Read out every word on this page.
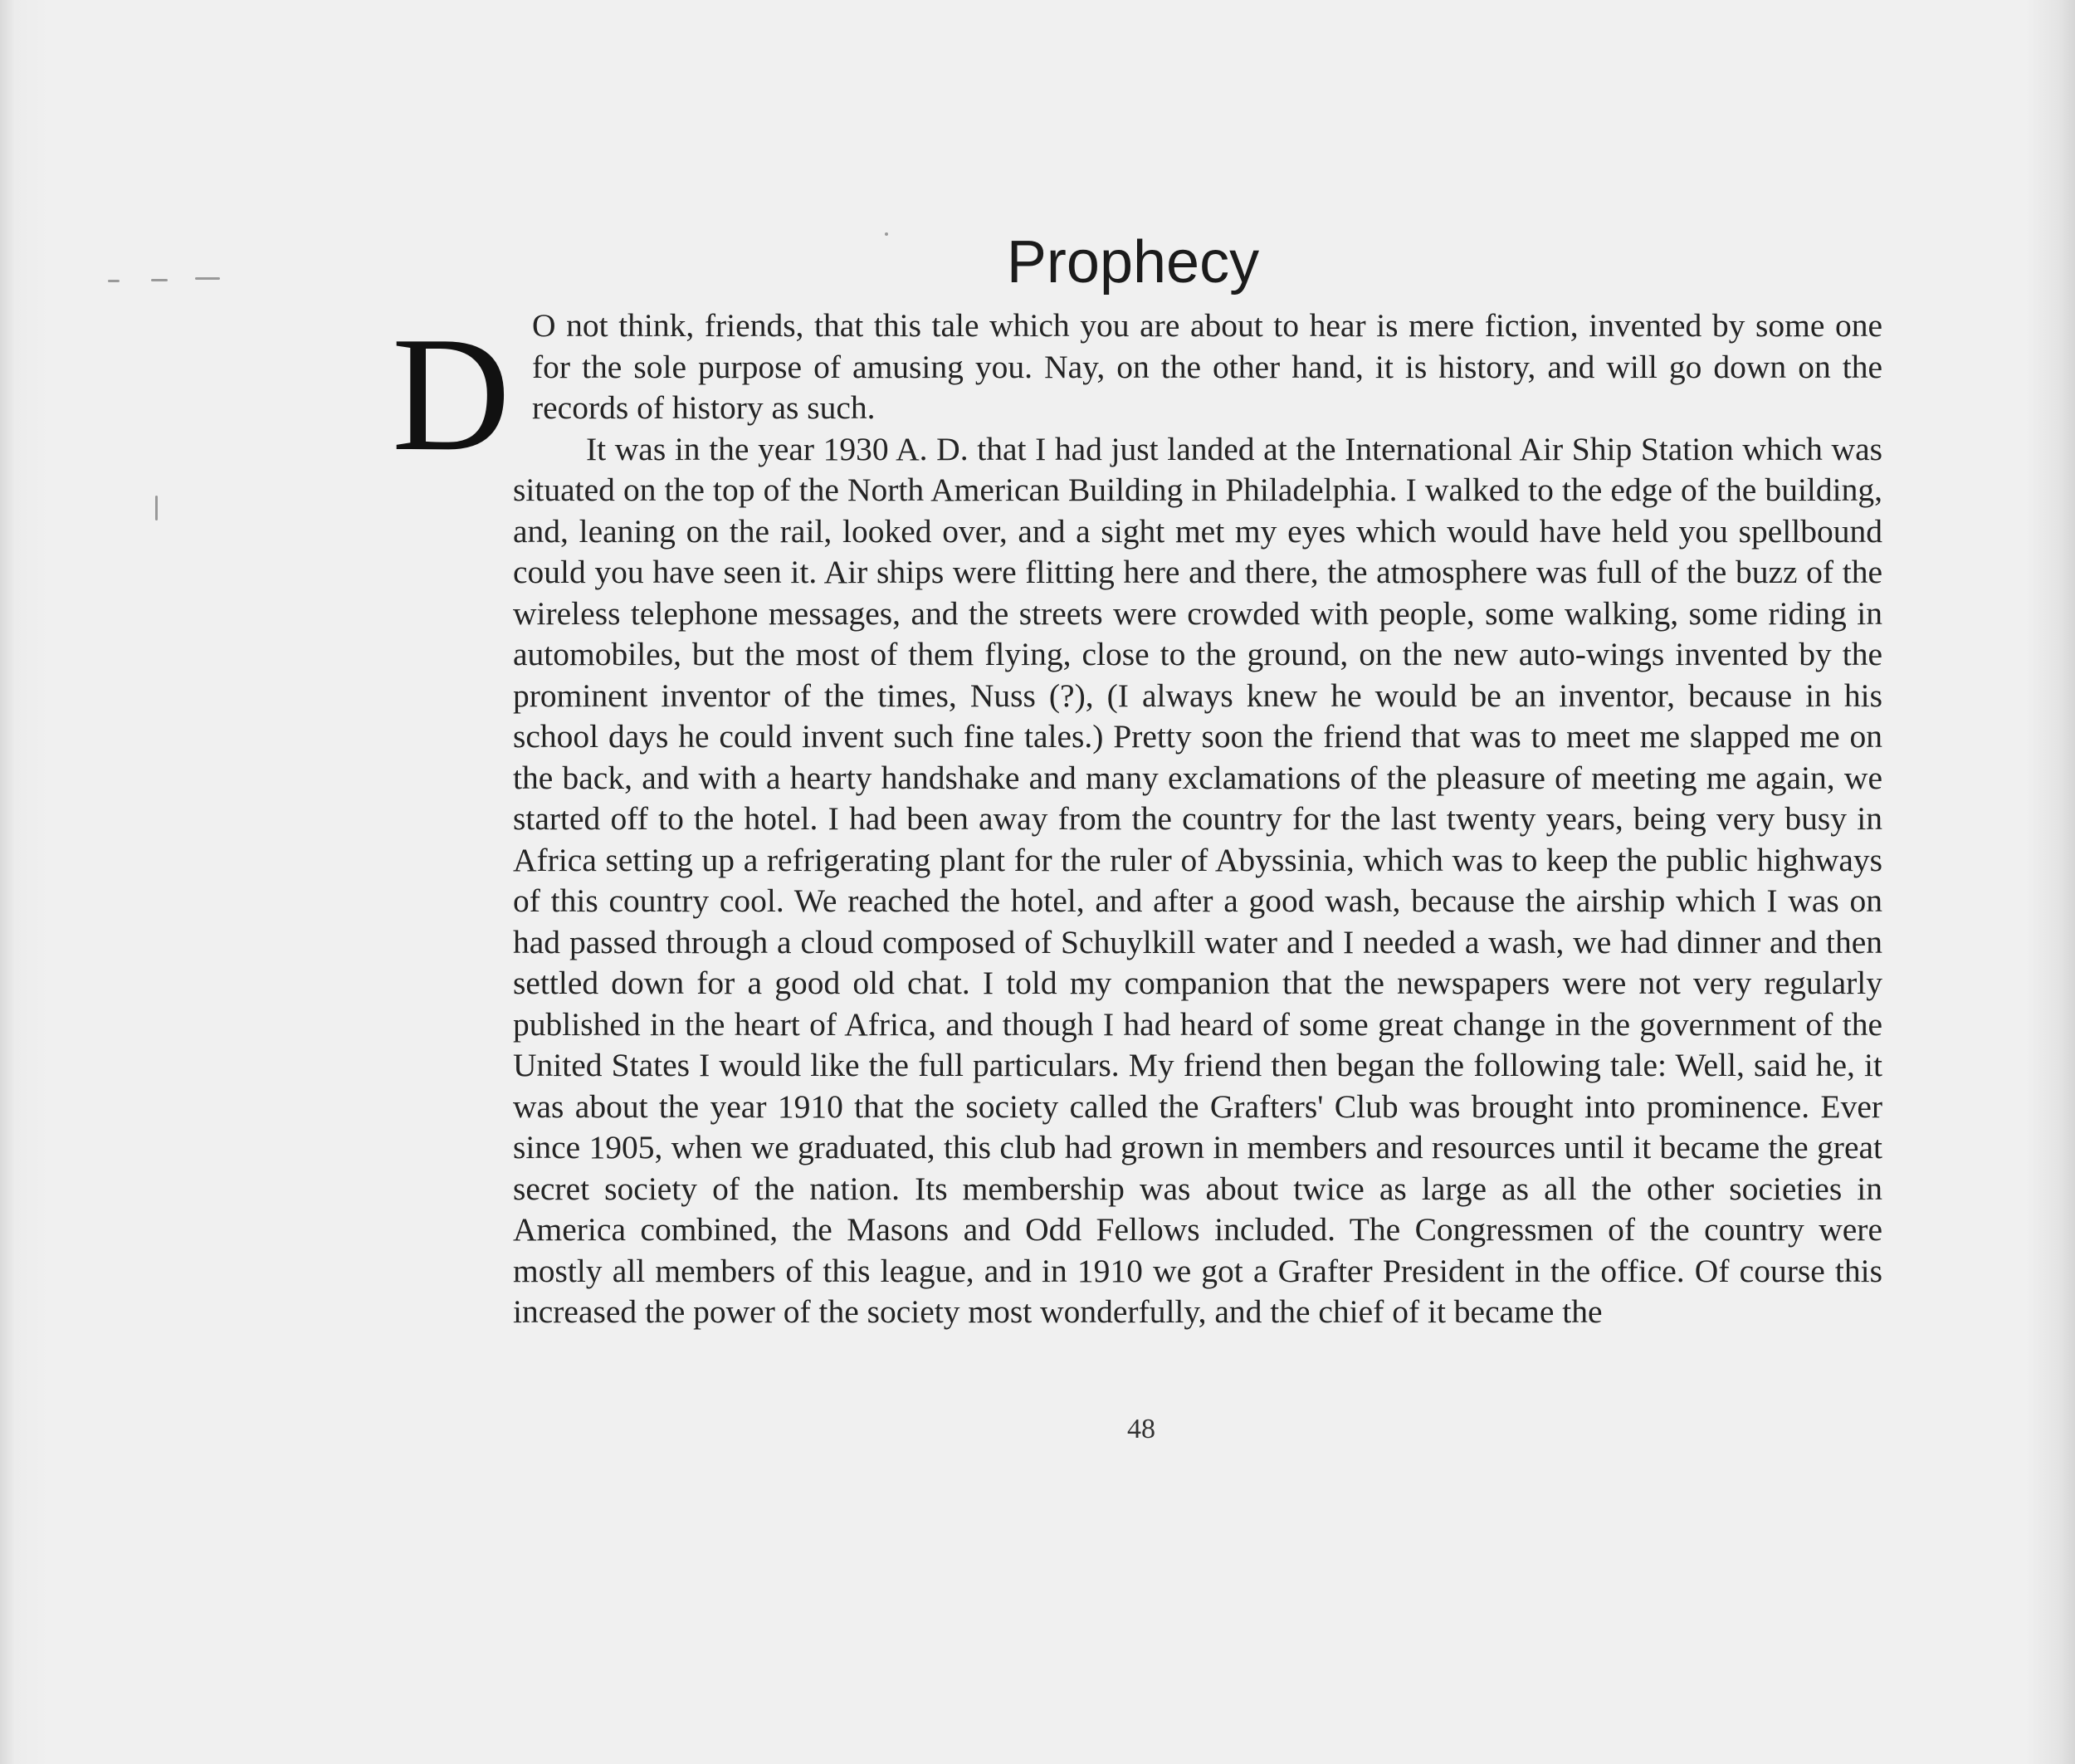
Prophecy

D O not think, friends, that this tale which you are about to hear is mere fiction, invented by some one for the sole purpose of amusing you. Nay, on the other hand, it is history, and will go down on the records of history as such.

It was in the year 1930 A. D. that I had just landed at the International Air Ship Station which was situated on the top of the North American Building in Philadelphia. I walked to the edge of the building, and, leaning on the rail, looked over, and a sight met my eyes which would have held you spellbound could you have seen it. Air ships were flitting here and there, the atmosphere was full of the buzz of the wireless telephone messages, and the streets were crowded with people, some walking, some riding in automobiles, but the most of them flying, close to the ground, on the new auto-wings invented by the prominent inventor of the times, Nuss (?), (I always knew he would be an inventor, because in his school days he could invent such fine tales.) Pretty soon the friend that was to meet me slapped me on the back, and with a hearty handshake and many exclamations of the pleasure of meeting me again, we started off to the hotel. I had been away from the country for the last twenty years, being very busy in Africa setting up a refrigerating plant for the ruler of Abyssinia, which was to keep the public highways of this country cool. We reached the hotel, and after a good wash, because the airship which I was on had passed through a cloud composed of Schuylkill water and I needed a wash, we had dinner and then settled down for a good old chat. I told my companion that the newspapers were not very regularly published in the heart of Africa, and though I had heard of some great change in the government of the United States I would like the full particulars. My friend then began the following tale: Well, said he, it was about the year 1910 that the society called the Grafters' Club was brought into prominence. Ever since 1905, when we graduated, this club had grown in members and resources until it became the great secret society of the nation. Its membership was about twice as large as all the other societies in America combined, the Masons and Odd Fellows included. The Congressmen of the country were mostly all members of this league, and in 1910 we got a Grafter President in the office. Of course this increased the power of the society most wonderfully, and the chief of it became the

48
